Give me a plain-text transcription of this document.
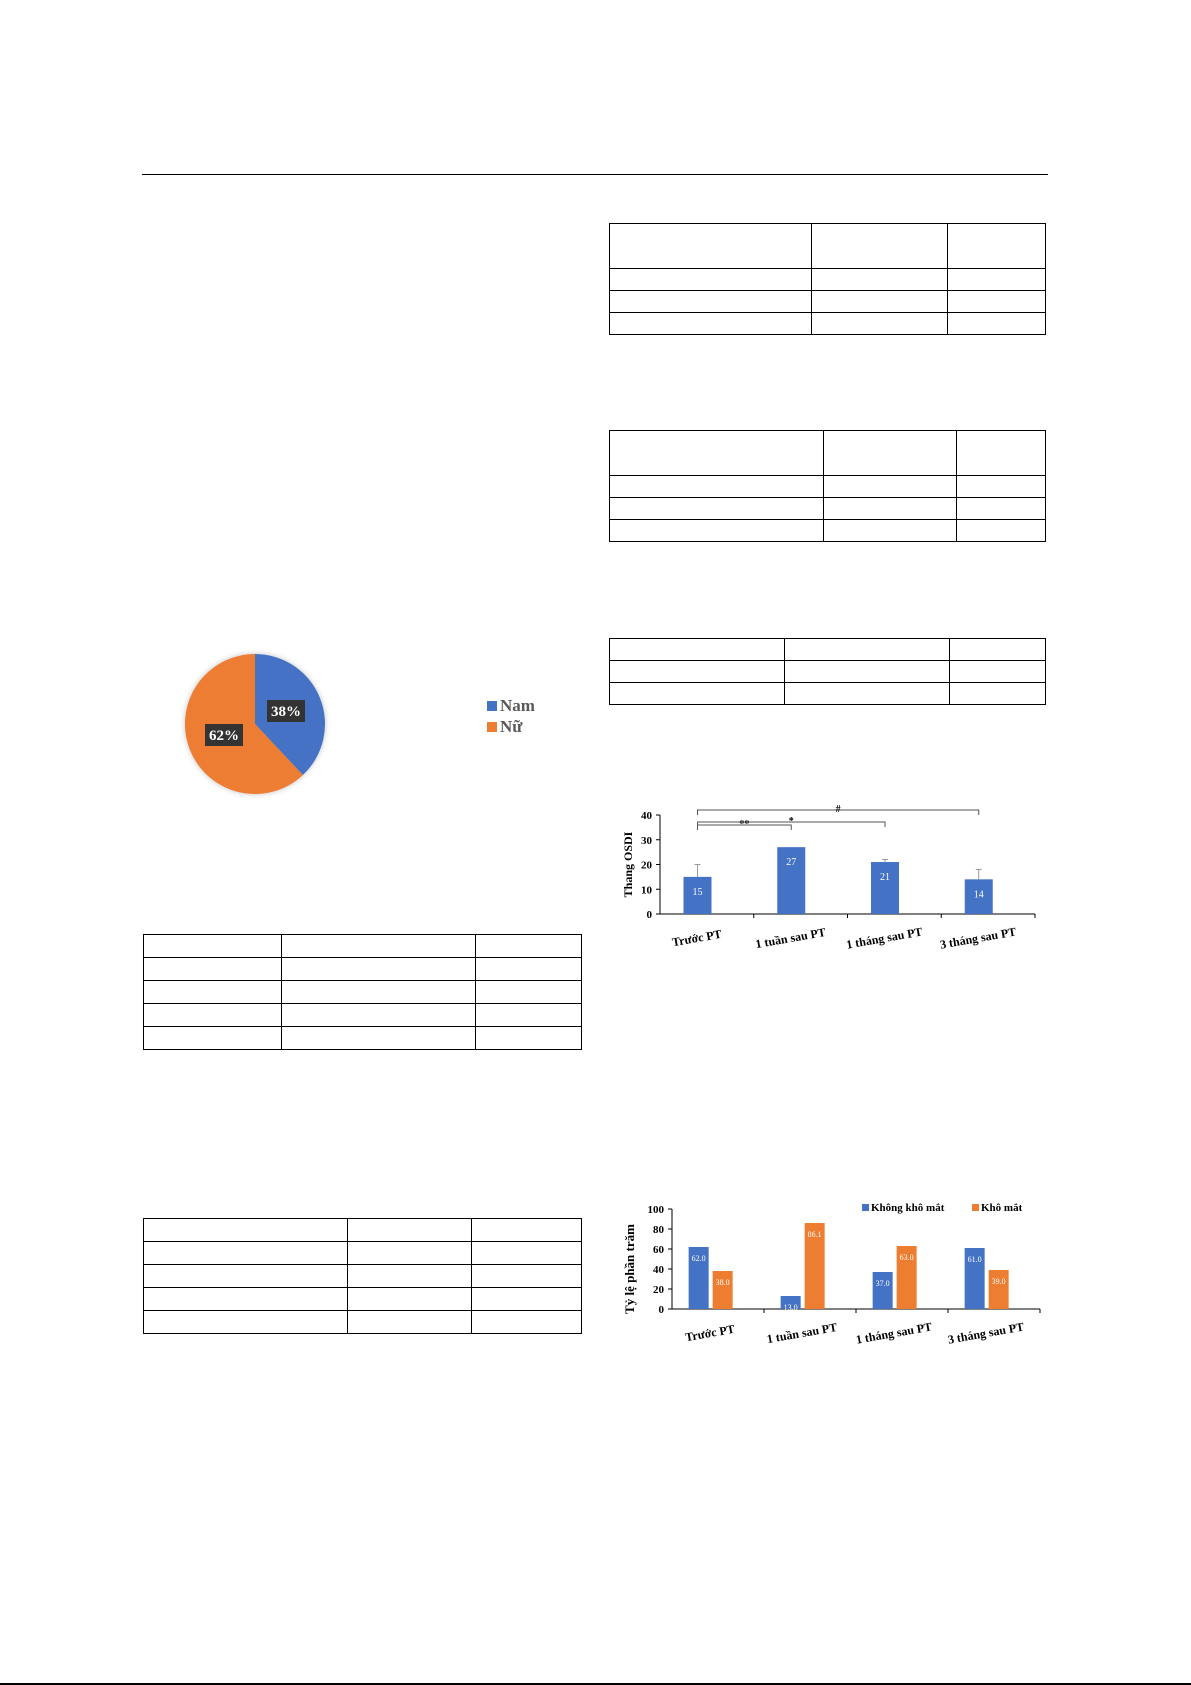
38%
62%
Nam
Nữ
0
10
20
30
40
Thang OSDI	15
Trước PT
27
1 tuần sau PT
21
1 tháng sau PT
14
3 tháng sau PT
**	*
#
0
20
40
60
80
100
Tỷ lệ phần trăm	62.0
38.0
Trước PT
13.0
86.1
1 tuần sau PT
37.0
63.0
1 tháng sau PT
61.0
39.0
3 tháng sau PT
Không khô mắt	Khô mắt
